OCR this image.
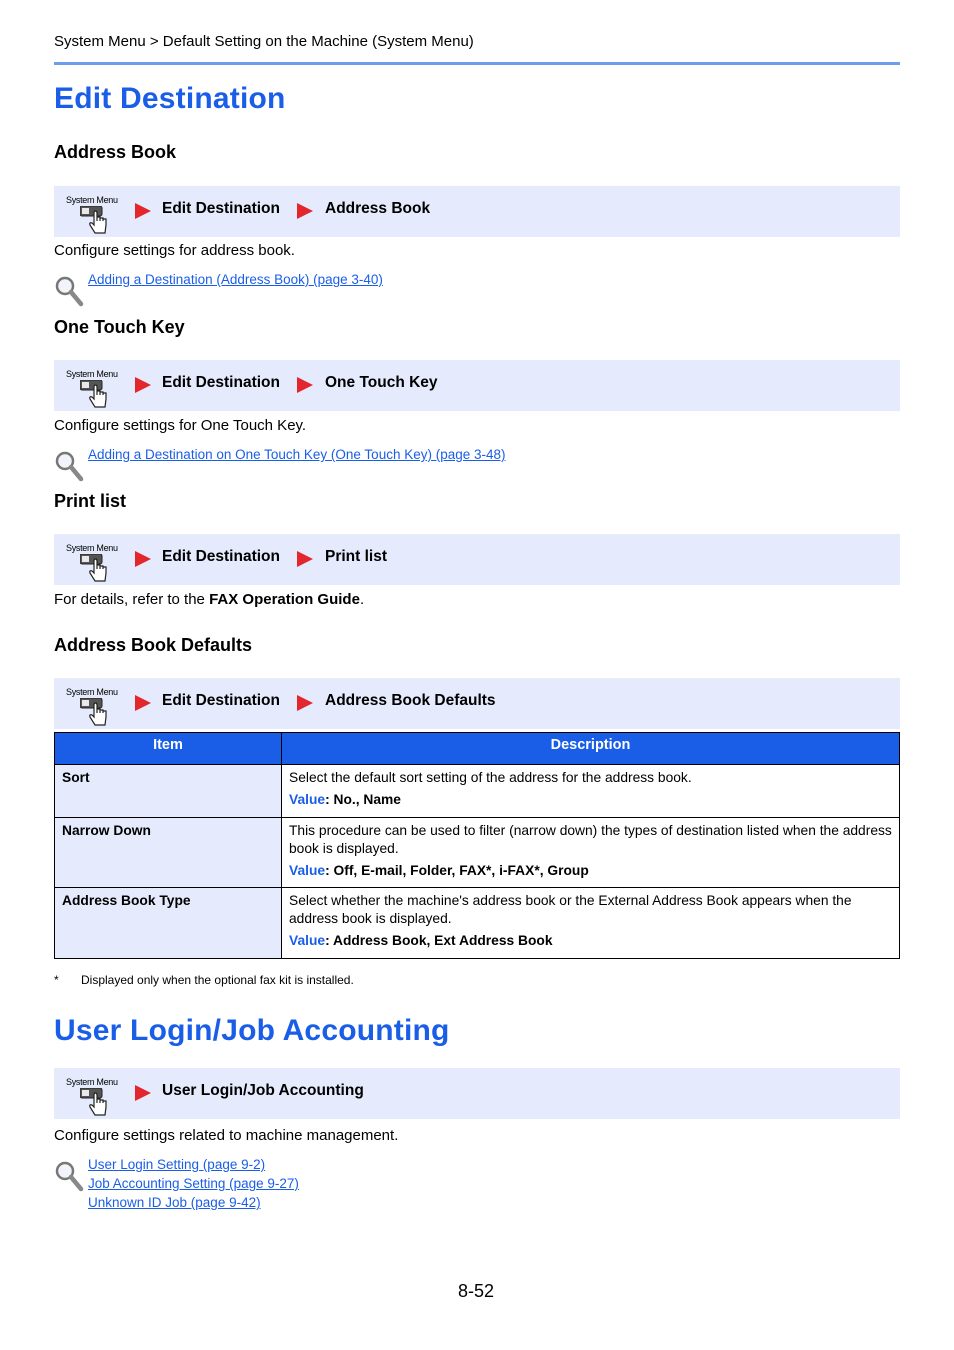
System Menu > Default Setting on the Machine (System Menu)
Edit Destination
Address Book
System Menu	Edit Destination	Address Book
Configure settings for address book.
Adding a Destination (Address Book) (page 3-40)
One Touch Key
System Menu	Edit Destination	One Touch Key
Configure settings for One Touch Key.
Adding a Destination on One Touch Key (One Touch Key) (page 3-48)
Print list
System Menu	Edit Destination	Print list
For details, refer to the FAX Operation Guide.
Address Book Defaults
System Menu	Edit Destination	Address Book Defaults
Item	Description
Sort	Select the default sort setting of the address for the address book.
Value: No., Name

Narrow Down	This procedure can be used to filter (narrow down) the types of destination listed when the address book is displayed.
Value: Off, E-mail, Folder, FAX*, i-FAX*, Group

Address Book Type	Select whether the machine's address book or the External Address Book appears when the address book is displayed.
Value: Address Book, Ext Address Book
* Displayed only when the optional fax kit is installed.
User Login/Job Accounting
System Menu	User Login/Job Accounting
Configure settings related to machine management.
User Login Setting (page 9-2)
Job Accounting Setting (page 9-27)
Unknown ID Job (page 9-42)
8-52
